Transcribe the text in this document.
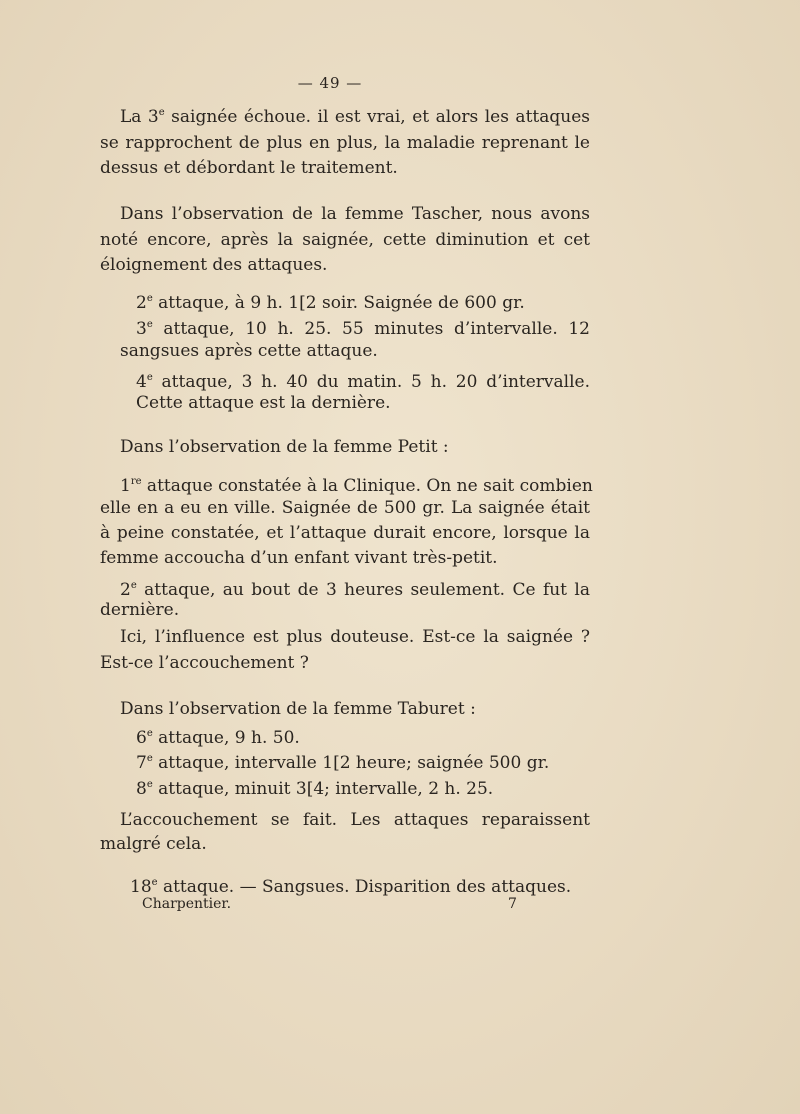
— 49 —
La 3e saignée échoue. il est vrai, et alors les attaques
se rapprochent de plus en plus, la maladie reprenant le
dessus et débordant le traitement.
Dans l’observation de la femme Tascher, nous avons
noté encore, après la saignée, cette diminution et cet
éloignement des attaques.
2e attaque, à 9 h. 1[2 soir. Saignée de 600 gr.
3e attaque, 10 h. 25. 55 minutes d’intervalle. 12
sangsues après cette attaque.
4e attaque, 3 h. 40 du matin. 5 h. 20 d’intervalle.
Cette attaque est la dernière.
Dans l’observation de la femme Petit :
1re attaque constatée à la Clinique. On ne sait combien
elle en a eu en ville. Saignée de 500 gr. La saignée était
à peine constatée, et l’attaque durait encore, lorsque la
femme accoucha d’un enfant vivant très-petit.
2e attaque, au bout de 3 heures seulement. Ce fut la
dernière.
Ici, l’influence est plus douteuse. Est-ce la saignée ?
Est-ce l’accouchement ?
Dans l’observation de la femme Taburet :
6e attaque, 9 h. 50.
7e attaque, intervalle 1[2 heure; saignée 500 gr.
8e attaque, minuit 3[4; intervalle, 2 h. 25.
L’accouchement se fait. Les attaques reparaissent
malgré cela.
18e attaque. — Sangsues. Disparition des attaques.
Charpentier.	7
